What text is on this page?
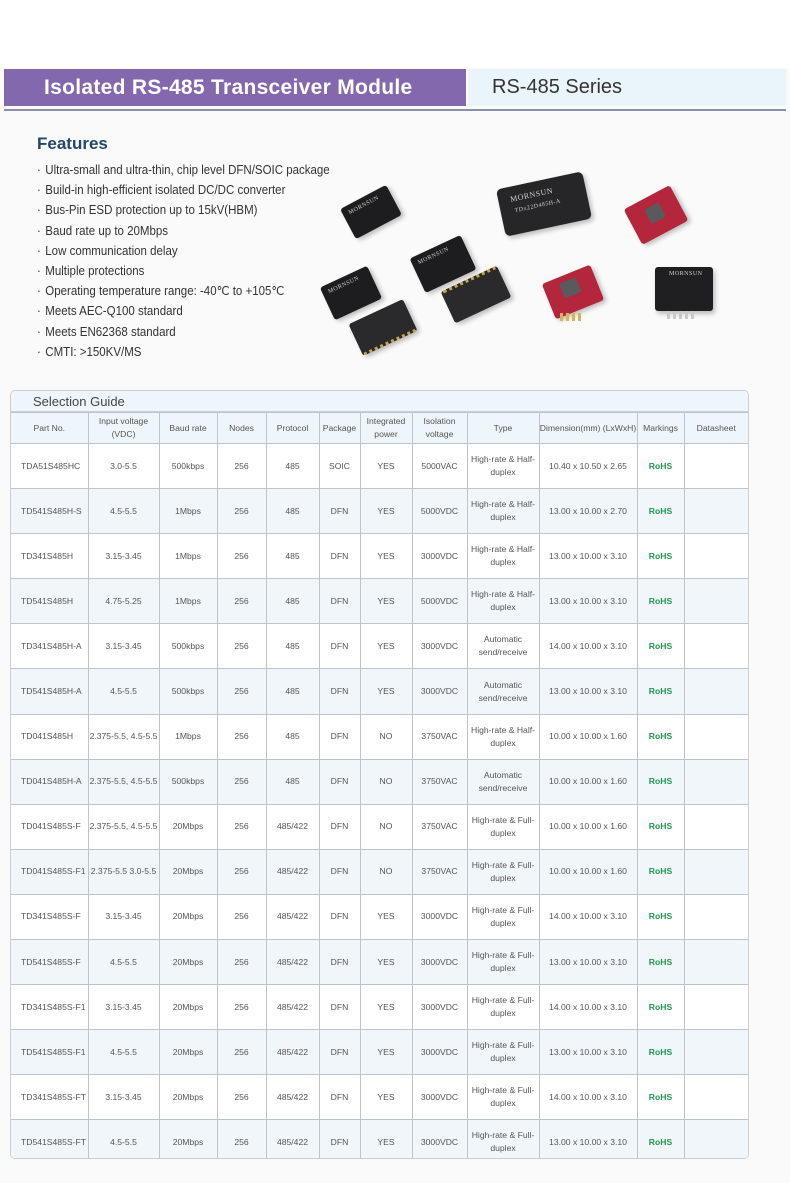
Isolated RS-485 Transceiver Module	RS-485 Series
Features
· Ultra-small and ultra-thin, chip level DFN/SOIC package
· Build-in high-efficient isolated DC/DC converter
· Bus-Pin ESD protection up to 15kV(HBM)
· Baud rate up to 20Mbps
· Low communication delay
· Multiple protections
· Operating temperature range: -40℃ to +105℃
· Meets AEC-Q100 standard
· Meets EN62368 standard
· CMTI: >150KV/MS
MORNSUN
MORNSUN
MORNSUN
MORNSUN
TDx22D485H-A
MORNSUN
Selection Guide
Part No.	Input voltage (VDC)	Baud rate	Nodes	Protocol	Package	Integrated power	Isolation voltage	Type	Dimension(mm) (LxWxH)	Markings	Datasheet
TDA51S485HC	3.0-5.5	500kbps	256	485	SOIC	YES	5000VAC	High-rate & Half-duplex	10.40 x 10.50 x 2.65	RoHS	
TD541S485H-S	4.5-5.5	1Mbps	256	485	DFN	YES	5000VDC	High-rate & Half-duplex	13.00 x 10.00 x 2.70	RoHS	
TD341S485H	3.15-3.45	1Mbps	256	485	DFN	YES	3000VDC	High-rate & Half-duplex	13.00 x 10.00 x 3.10	RoHS	
TD541S485H	4.75-5.25	1Mbps	256	485	DFN	YES	5000VDC	High-rate & Half-duplex	13.00 x 10.00 x 3.10	RoHS	
TD341S485H-A	3.15-3.45	500kbps	256	485	DFN	YES	3000VDC	Automatic send/receive	14.00 x 10.00 x 3.10	RoHS	
TD541S485H-A	4.5-5.5	500kbps	256	485	DFN	YES	3000VDC	Automatic send/receive	13.00 x 10.00 x 3.10	RoHS	
TD041S485H	2.375-5.5, 4.5-5.5	1Mbps	256	485	DFN	NO	3750VAC	High-rate & Half-duplex	10.00 x 10.00 x 1.60	RoHS	
TD041S485H-A	2.375-5.5, 4.5-5.5	500kbps	256	485	DFN	NO	3750VAC	Automatic send/receive	10.00 x 10.00 x 1.60	RoHS	
TD041S485S-F	2.375-5.5, 4.5-5.5	20Mbps	256	485/422	DFN	NO	3750VAC	High-rate & Full-duplex	10.00 x 10.00 x 1.60	RoHS	
TD041S485S-F1	2.375-5.5 3.0-5.5	20Mbps	256	485/422	DFN	NO	3750VAC	High-rate & Full-duplex	10.00 x 10.00 x 1.60	RoHS	
TD341S485S-F	3.15-3.45	20Mbps	256	485/422	DFN	YES	3000VDC	High-rate & Full-duplex	14.00 x 10.00 x 3.10	RoHS	
TD541S485S-F	4.5-5.5	20Mbps	256	485/422	DFN	YES	3000VDC	High-rate & Full-duplex	13.00 x 10.00 x 3.10	RoHS	
TD341S485S-F1	3.15-3.45	20Mbps	256	485/422	DFN	YES	3000VDC	High-rate & Full-duplex	14.00 x 10.00 x 3.10	RoHS	
TD541S485S-F1	4.5-5.5	20Mbps	256	485/422	DFN	YES	3000VDC	High-rate & Full-duplex	13.00 x 10.00 x 3.10	RoHS	
TD341S485S-FT	3.15-3.45	20Mbps	256	485/422	DFN	YES	3000VDC	High-rate & Full-duplex	14.00 x 10.00 x 3.10	RoHS	
TD541S485S-FT	4.5-5.5	20Mbps	256	485/422	DFN	YES	3000VDC	High-rate & Full-duplex	13.00 x 10.00 x 3.10	RoHS	
